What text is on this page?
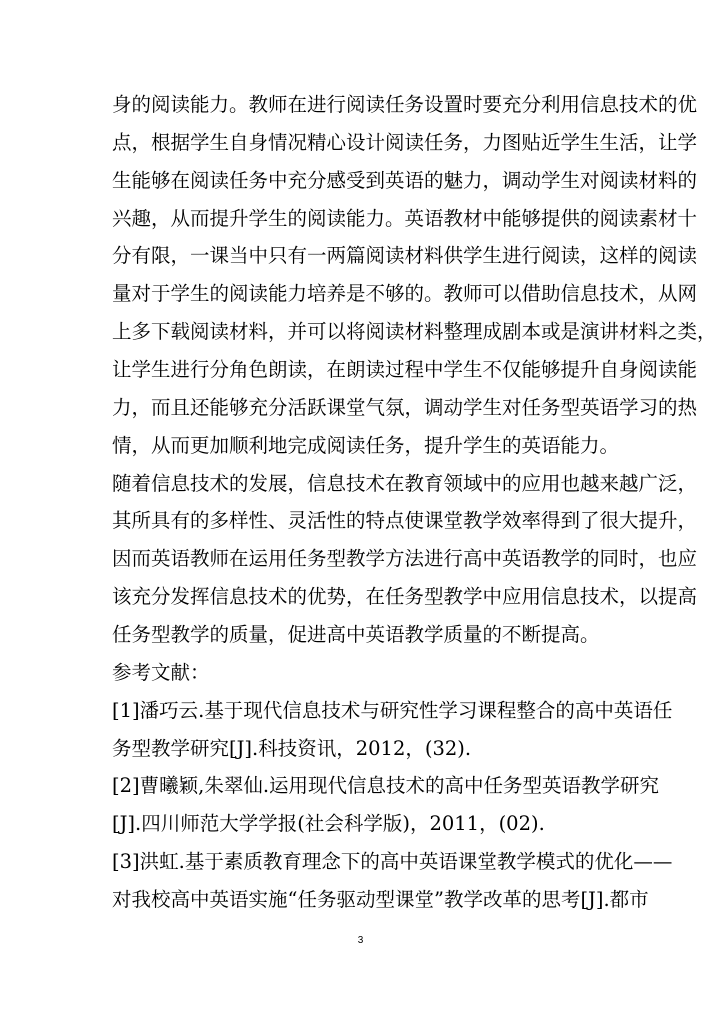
身的阅读能力。教师在进行阅读任务设置时要充分利用信息技术的优
点，根据学生自身情况精心设计阅读任务，力图贴近学生生活，让学
生能够在阅读任务中充分感受到英语的魅力，调动学生对阅读材料的
兴趣，从而提升学生的阅读能力。英语教材中能够提供的阅读素材十
分有限，一课当中只有一两篇阅读材料供学生进行阅读，这样的阅读
量对于学生的阅读能力培养是不够的。教师可以借助信息技术，从网
上多下载阅读材料，并可以将阅读材料整理成剧本或是演讲材料之类，
让学生进行分角色朗读，在朗读过程中学生不仅能够提升自身阅读能
力，而且还能够充分活跃课堂气氛，调动学生对任务型英语学习的热
情，从而更加顺利地完成阅读任务，提升学生的英语能力。
随着信息技术的发展，信息技术在教育领域中的应用也越来越广泛，
其所具有的多样性、灵活性的特点使课堂教学效率得到了很大提升，
因而英语教师在运用任务型教学方法进行高中英语教学的同时，也应
该充分发挥信息技术的优势，在任务型教学中应用信息技术，以提高
任务型教学的质量，促进高中英语教学质量的不断提高。
参考文献：
[1]潘巧云.基于现代信息技术与研究性学习课程整合的高中英语任
务型教学研究[J].科技资讯，2012，(32).
[2]曹曦颖,朱翠仙.运用现代信息技术的高中任务型英语教学研究
[J].四川师范大学学报(社会科学版)，2011，(02).
3
[3]洪虹.基于素质教育理念下的高中英语课堂教学模式的优化——
对我校高中英语实施“任务驱动型课堂”教学改革的思考[J].都市
